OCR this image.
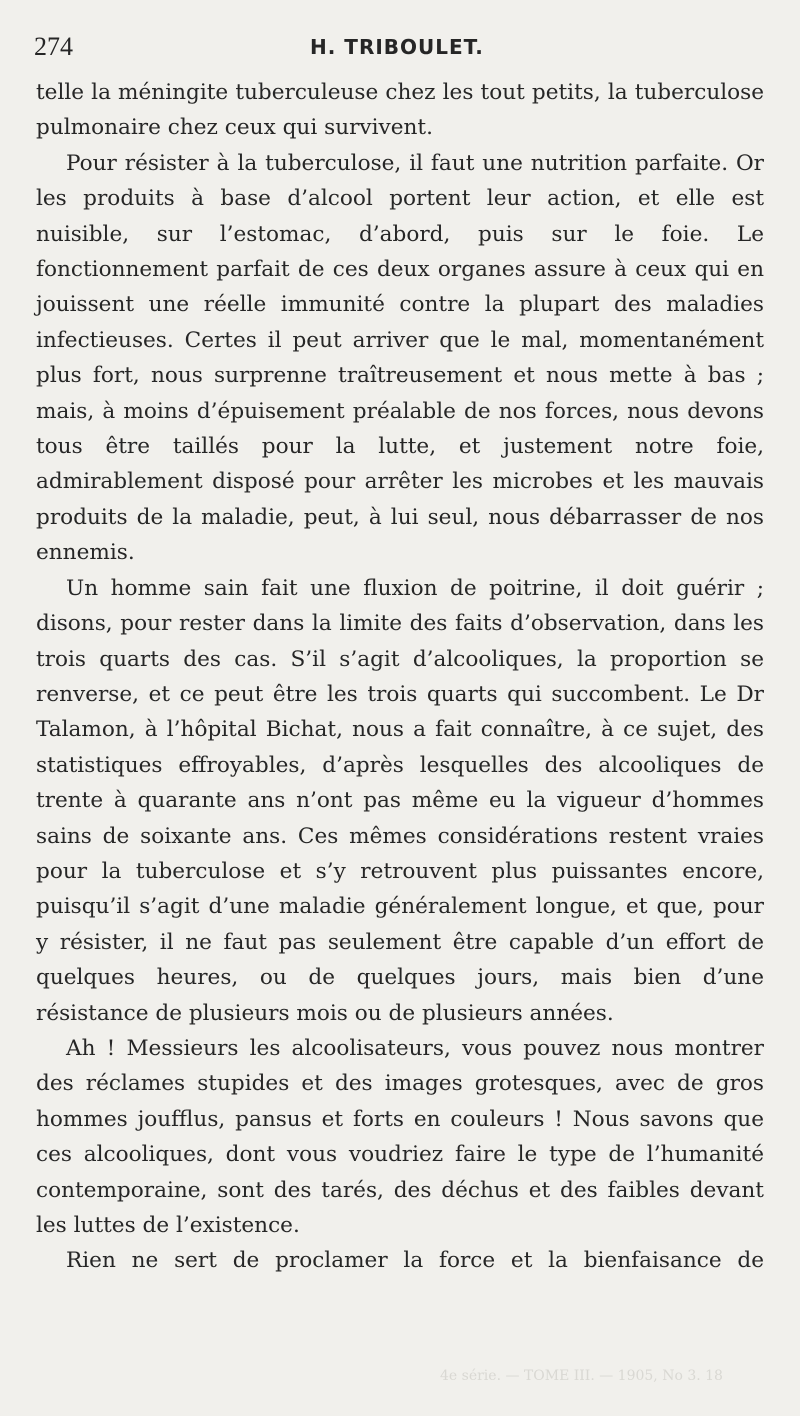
274	H. TRIBOULET.

telle la méningite tuberculeuse chez les tout petits, la tuberculose pulmonaire chez ceux qui survivent.

Pour résister à la tuberculose, il faut une nutrition parfaite. Or les produits à base d’alcool portent leur action, et elle est nuisible, sur l’estomac, d’abord, puis sur le foie. Le fonctionnement parfait de ces deux organes assure à ceux qui en jouissent une réelle immunité contre la plupart des maladies infectieuses. Certes il peut arriver que le mal, momentanément plus fort, nous surprenne traîtreusement et nous mette à bas ; mais, à moins d’épuisement préalable de nos forces, nous devons tous être taillés pour la lutte, et justement notre foie, admirablement disposé pour arrêter les microbes et les mauvais produits de la maladie, peut, à lui seul, nous débarrasser de nos ennemis.

Un homme sain fait une fluxion de poitrine, il doit guérir ; disons, pour rester dans la limite des faits d’observation, dans les trois quarts des cas. S’il s’agit d’alcooliques, la proportion se renverse, et ce peut être les trois quarts qui succombent. Le Dr Talamon, à l’hôpital Bichat, nous a fait connaître, à ce sujet, des statistiques effroyables, d’après lesquelles des alcooliques de trente à quarante ans n’ont pas même eu la vigueur d’hommes sains de soixante ans. Ces mêmes considérations restent vraies pour la tuberculose et s’y retrouvent plus puissantes encore, puisqu’il s’agit d’une maladie généralement longue, et que, pour y résister, il ne faut pas seulement être capable d’un effort de quelques heures, ou de quelques jours, mais bien d’une résistance de plusieurs mois ou de plusieurs années.

Ah ! Messieurs les alcoolisateurs, vous pouvez nous montrer des réclames stupides et des images grotesques, avec de gros hommes joufflus, pansus et forts en couleurs ! Nous savons que ces alcooliques, dont vous voudriez faire le type de l’humanité contemporaine, sont des tarés, des déchus et des faibles devant les luttes de l’existence.

Rien ne sert de proclamer la force et la bienfaisance de

4e série. — TOME III. — 1905, No 3. 18
